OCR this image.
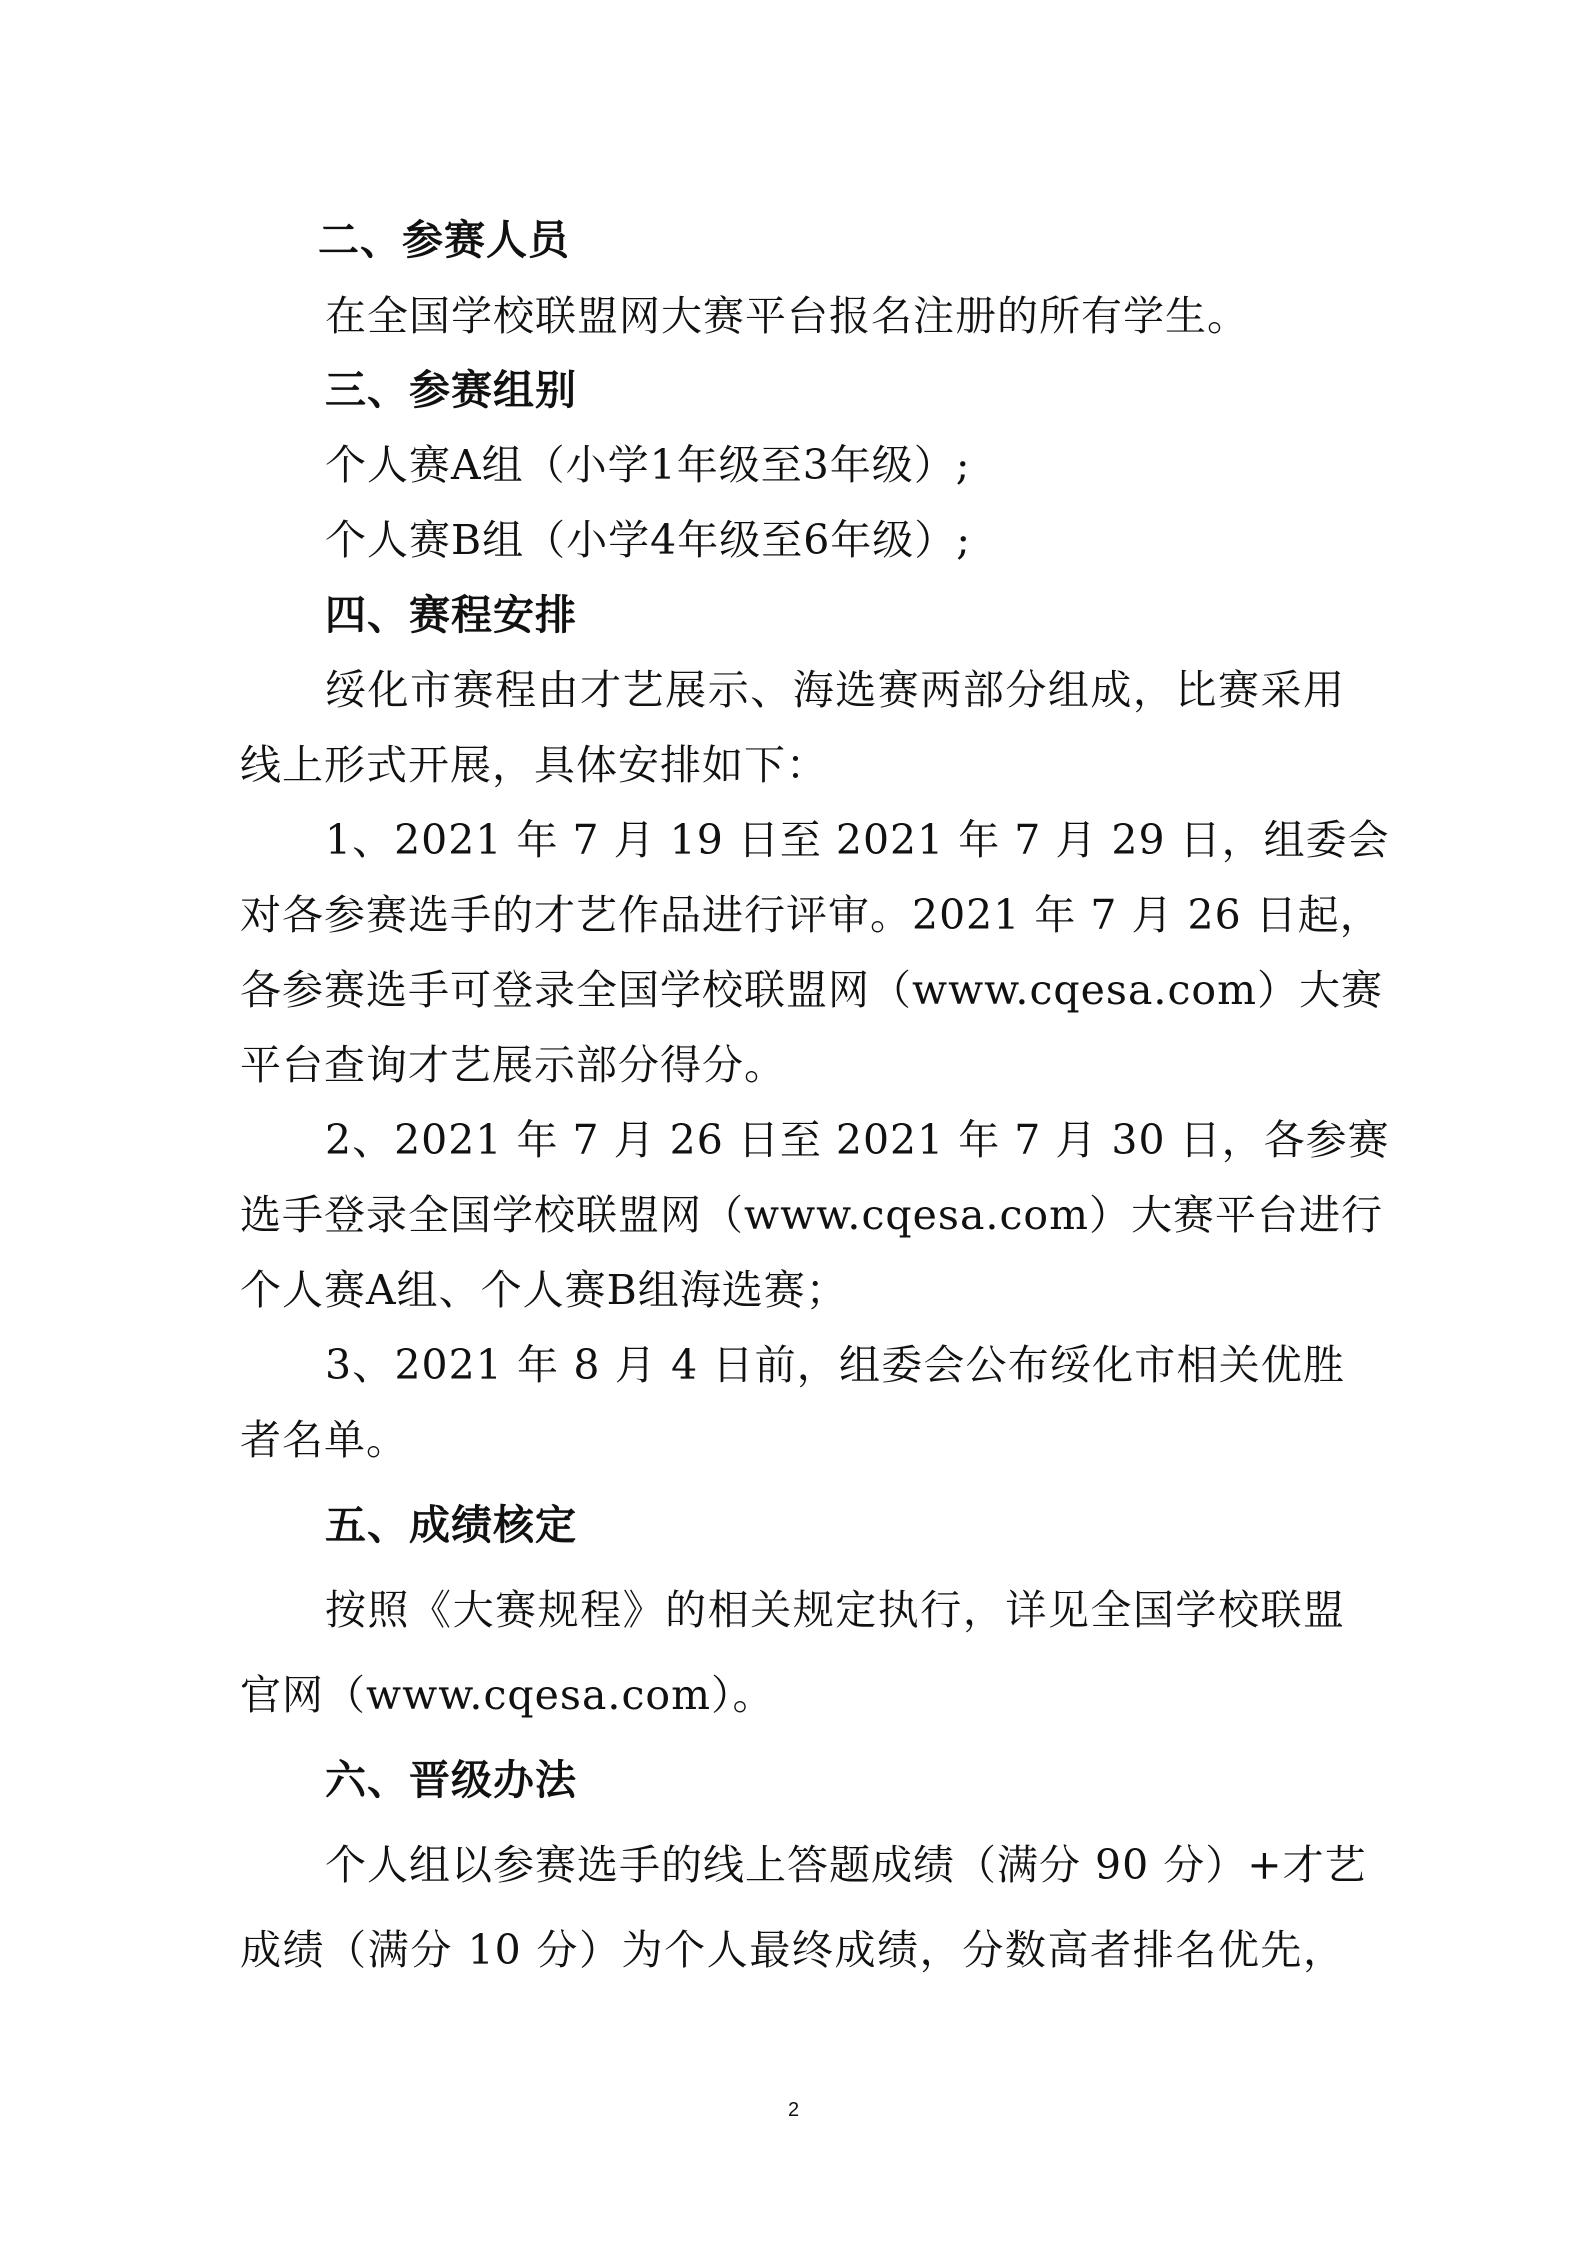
二、参赛人员

在全国学校联盟网大赛平台报名注册的所有学生。

三、参赛组别

个人赛A组（小学1年级至3年级）;

个人赛B组（小学4年级至6年级）;

四、赛程安排

绥化市赛程由才艺展示、海选赛两部分组成，比赛采用

线上形式开展，具体安排如下：

1、2021 年 7 月 19 日至 2021 年 7 月 29 日，组委会

对各参赛选手的才艺作品进行评审。2021 年 7 月 26 日起，

各参赛选手可登录全国学校联盟网（www.cqesa.com）大赛

平台查询才艺展示部分得分。

2、2021 年 7 月 26 日至 2021 年 7 月 30 日，各参赛

选手登录全国学校联盟网（www.cqesa.com）大赛平台进行

个人赛A组、个人赛B组海选赛；

3、2021 年 8 月 4 日前，组委会公布绥化市相关优胜

者名单。

五、成绩核定

按照《大赛规程》的相关规定执行，详见全国学校联盟

官网（www.cqesa.com）。

六、晋级办法

个人组以参赛选手的线上答题成绩（满分 90 分）+才艺

成绩（满分 10 分）为个人最终成绩，分数高者排名优先，

2
